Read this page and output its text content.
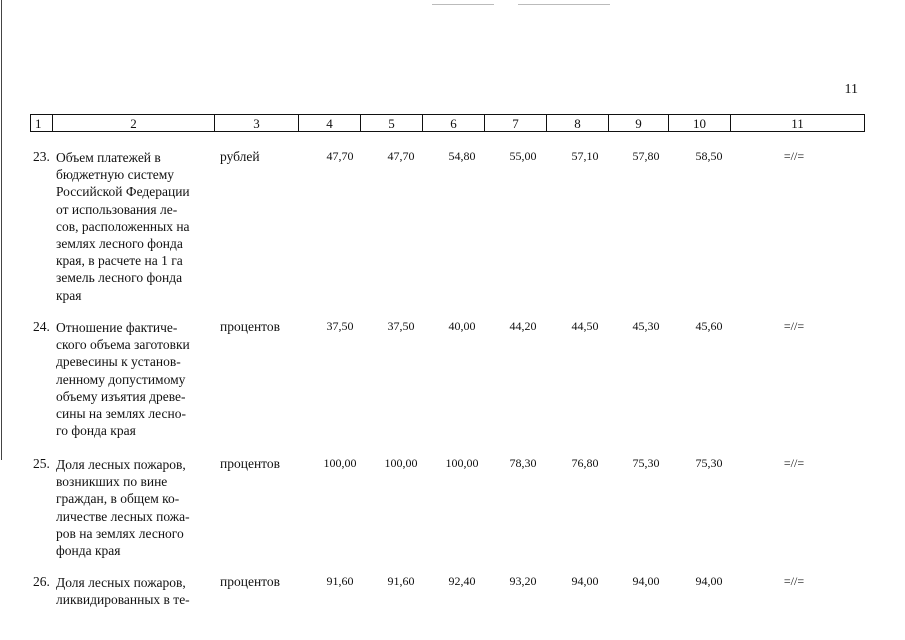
11
1	2	3	4	5	6	7	8	9	10	11
23. Объем платежей в
бюджетную систему
Российской Федерации
от использования ле-
сов, расположенных на
землях лесного фонда
края, в расчете на 1 га
земель лесного фонда
края
рублей	47,70	47,70	54,80	55,00	57,10	57,80	58,50	=//=
24. Отношение фактиче-
ского объема заготовки
древесины к установ-
ленному допустимому
объему изъятия древе-
сины на землях лесно-
го фонда края
процентов	37,50	37,50	40,00	44,20	44,50	45,30	45,60	=//=
25. Доля лесных пожаров,
возникших по вине
граждан, в общем ко-
личестве лесных пожа-
ров на землях лесного
фонда края
процентов	100,00	100,00	100,00	78,30	76,80	75,30	75,30	=//=
26. Доля лесных пожаров,
ликвидированных в те-
процентов	91,60	91,60	92,40	93,20	94,00	94,00	94,00	=//=
